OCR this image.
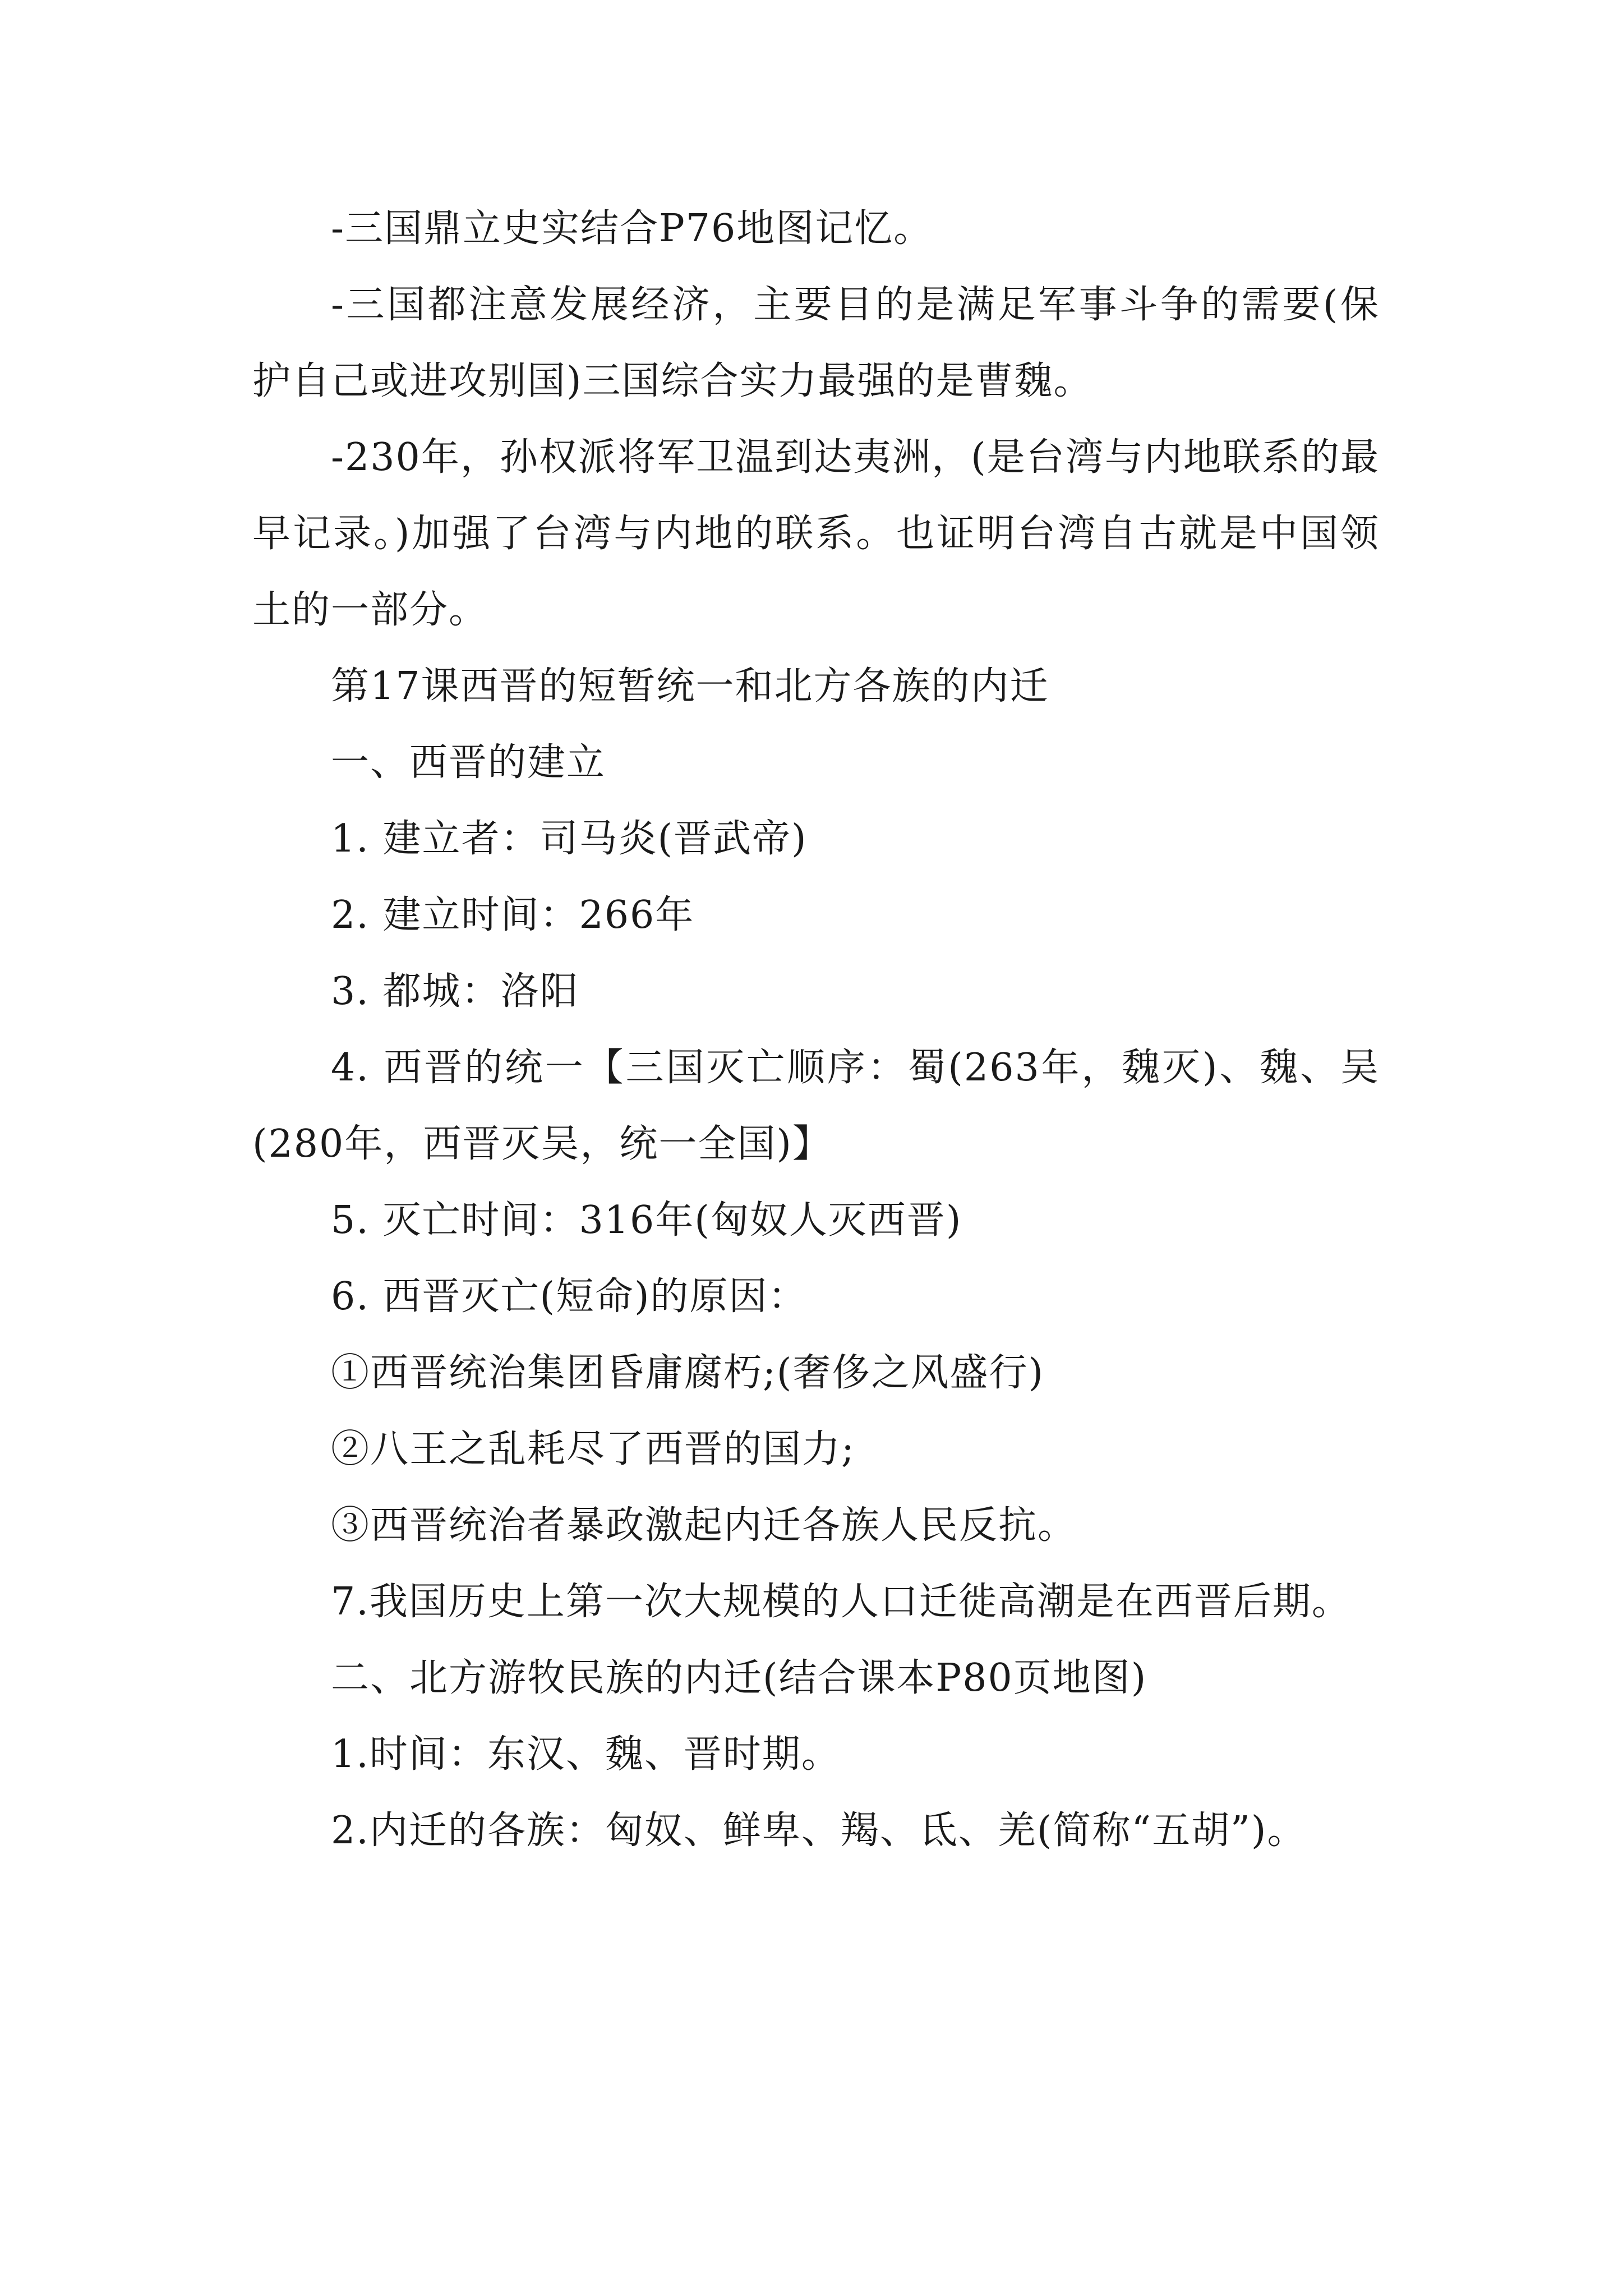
-三国鼎立史实结合P76地图记忆。

-三国都注意发展经济，主要目的是满足军事斗争的需要(保护自己或进攻别国)三国综合实力最强的是曹魏。

-230年，孙权派将军卫温到达夷洲，(是台湾与内地联系的最早记录。)加强了台湾与内地的联系。也证明台湾自古就是中国领土的一部分。

第17课西晋的短暂统一和北方各族的内迁

一、西晋的建立

1. 建立者：司马炎(晋武帝)

2. 建立时间：266年

3. 都城：洛阳

4. 西晋的统一【三国灭亡顺序：蜀(263年，魏灭)、魏、吴(280年，西晋灭吴，统一全国)】

5. 灭亡时间：316年(匈奴人灭西晋)

6. 西晋灭亡(短命)的原因：

①西晋统治集团昏庸腐朽;(奢侈之风盛行)

②八王之乱耗尽了西晋的国力;

③西晋统治者暴政激起内迁各族人民反抗。

7.我国历史上第一次大规模的人口迁徙高潮是在西晋后期。

二、北方游牧民族的内迁(结合课本P80页地图)

1.时间：东汉、魏、晋时期。

2.内迁的各族：匈奴、鲜卑、羯、氐、羌(简称“五胡”)。
